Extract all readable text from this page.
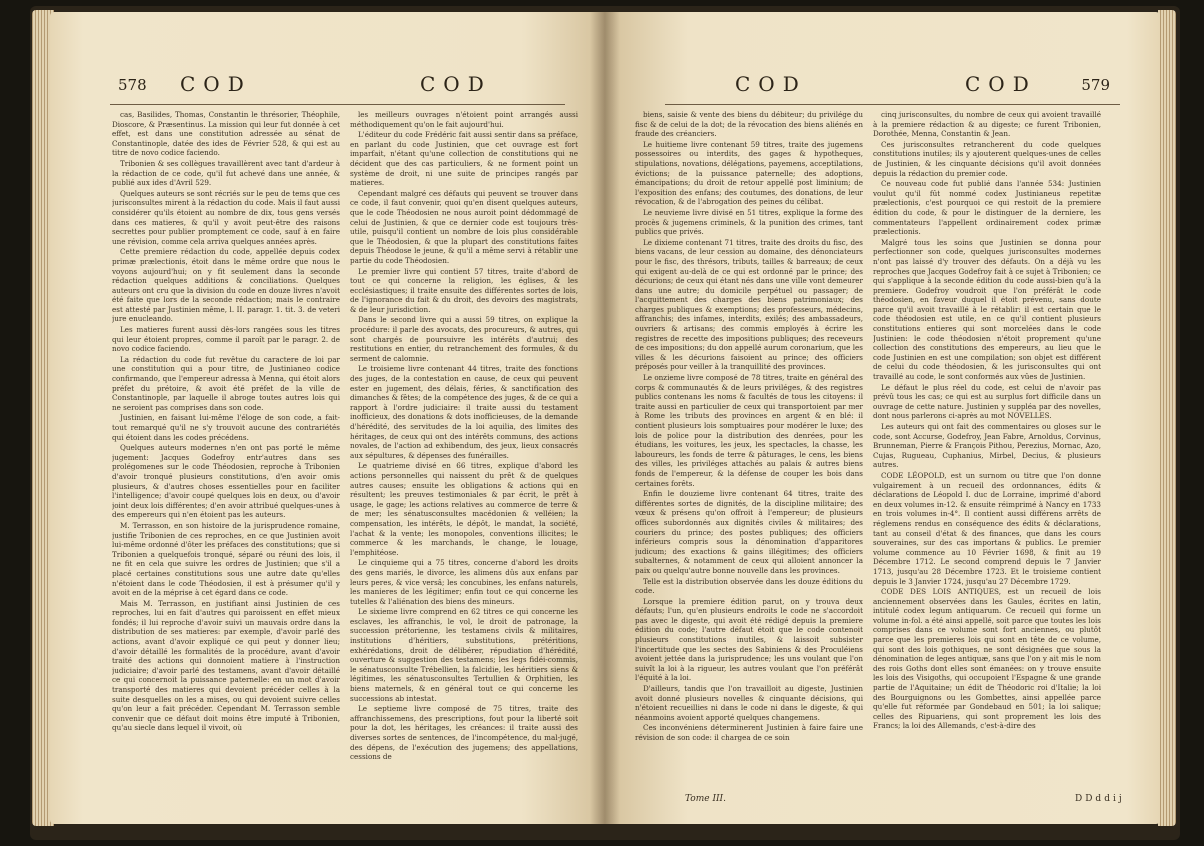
578 COD	COD

cas, Basilides, Thomas, Constantin le thrésorier, Théophile, Dioscore, & Præsentinus. La mission qui leur fut donnée à cet effet, est dans une constitution adressée au sénat de Constantinople, datée des ides de Février 528, & qui est au titre de novo codice faciendo.

Tribonien & ses collègues travaillèrent avec tant d'ardeur à la rédaction de ce code, qu'il fut achevé dans une année, & publié aux ides d'Avril 529.

Quelques auteurs se sont récriés sur le peu de tems que ces jurisconsultes mirent à la rédaction du code. Mais il faut aussi considérer qu'ils étoient au nombre de dix, tous gens versés dans ces matieres, & qu'il y avoit peut-être des raisons secrettes pour publier promptement ce code, sauf à en faire une révision, comme cela arriva quelques années après.

Cette premiere rédaction du code, appellée depuis codex primæ prælectionis, étoit dans le même ordre que nous le voyons aujourd'hui; on y fit seulement dans la seconde rédaction quelques additions & conciliations. Quelques auteurs ont cru que la division du code en douze livres n'avoit été faite que lors de la seconde rédaction; mais le contraire est attesté par Justinien même, l. II. paragr. 1. tit. 3. de veteri jure enucleando.

Les matieres furent aussi dès-lors rangées sous les titres qui leur étoient propres, comme il paroît par le paragr. 2. de novo codice faciendo.

La rédaction du code fut revêtue du caractere de loi par une constitution qui a pour titre, de Justinianeo codice confirmando, que l'empereur adressa à Menna, qui étoit alors préfet du prétoire, & avoit été préfet de la ville de Constantinople, par laquelle il abroge toutes autres lois qui ne seroient pas comprises dans son code.

Justinien, en faisant lui-même l'éloge de son code, a fait-tout remarqué qu'il ne s'y trouvoit aucune des contrariétés qui étoient dans les codes précédens.

Quelques auteurs modernes n'en ont pas porté le même jugement: Jacques Godefroy entr'autres dans ses prolégomenes sur le code Théodosien, reproche à Tribonien d'avoir tronqué plusieurs constitutions, d'en avoir omis plusieurs, & d'autres choses essentielles pour en faciliter l'intelligence; d'avoir coupé quelques lois en deux, ou d'avoir joint deux lois différentes; d'en avoir attribué quelques-unes à des empereurs qui n'en étoient pas les auteurs.

M. Terrasson, en son histoire de la jurisprudence romaine, justifie Tribonien de ces reproches, en ce que Justinien avoit lui-même ordonné d'ôter les préfaces des constitutions; que si Tribonien a quelquefois tronqué, séparé ou réuni des lois, il ne fit en cela que suivre les ordres de Justinien; que s'il a placé certaines constitutions sous une autre date qu'elles n'étoient dans le code Théodosien, il est à présumer qu'il y avoit en de la méprise à cet égard dans ce code.

Mais M. Terrasson, en justifiant ainsi Justinien de ces reproches, lui en fait d'autres qui paroissent en effet mieux fondés; il lui reproche d'avoir suivi un mauvais ordre dans la distribution de ses matieres: par exemple, d'avoir parlé des actions, avant d'avoir expliqué ce qui peut y donner lieu; d'avoir détaillé les formalités de la procédure, avant d'avoir traité des actions qui donnoient matiere à l'instruction judiciaire; d'avoir parlé des testamens, avant d'avoir détaillé ce qui concernoit la puissance paternelle: en un mot d'avoir transporté des matieres qui devoient précéder celles à la suite desquelles on les a mises, ou qui devoient suivre celles qu'on leur a fait précéder. Cependant M. Terrasson semble convenir que ce défaut doit moins être imputé à Tribonien, qu'au siecle dans lequel il vivoit, où

les meilleurs ouvrages n'étoient point arrangés aussi méthodiquement qu'on le fait aujourd'hui.

L'éditeur du code Frédéric fait aussi sentir dans sa préface, en parlant du code Justinien, que cet ouvrage est fort imparfait, n'étant qu'une collection de constitutions qui ne décident que des cas particuliers, & ne forment point un système de droit, ni une suite de principes rangés par matieres.

Cependant malgré ces défauts qui peuvent se trouver dans ce code, il faut convenir, quoi qu'en disent quelques auteurs, que le code Théodosien ne nous auroit point dédommagé de celui de Justinien, & que ce dernier code est toujours très-utile, puisqu'il contient un nombre de lois plus considérable que le Théodosien, & que la plupart des constitutions faites depuis Théodose le jeune, & qu'il a même servi à rétablir une partie du code Théodosien.

Le premier livre qui contient 57 titres, traite d'abord de tout ce qui concerne la religion, les églises, & les ecclésiastiques; il traite ensuite des différentes sortes de lois, de l'ignorance du fait & du droit, des devoirs des magistrats, & de leur jurisdiction.

Dans le second livre qui a aussi 59 titres, on explique la procédure: il parle des avocats, des procureurs, & autres, qui sont chargés de poursuivre les intérêts d'autrui; des restitutions en entier, du retranchement des formules, & du serment de calomnie.

Le troisieme livre contenant 44 titres, traite des fonctions des juges, de la contestation en cause, de ceux qui peuvent ester en jugement, des délais, féries, & sanctification des dimanches & fêtes; de la compétence des juges, & de ce qui a rapport à l'ordre judiciaire: il traite aussi du testament inofficieux, des donations & dots inofficieuses, de la demande d'hérédité, des servitudes de la loi aquilia, des limites des héritages, de ceux qui ont des intérêts communs, des actions novales, de l'action ad exhibendum, des jeux, lieux consacrés aux sépultures, & dépenses des funérailles.

Le quatrieme divisé en 66 titres, explique d'abord les actions personnelles qui naissent du prêt & de quelques autres causes; ensuite les obligations & actions qui en résultent; les preuves testimoniales & par écrit, le prêt à usage, le gage; les actions relatives au commerce de terre & de mer; les sénatusconsultes macédonien & velléien; la compensation, les intérêts, le dépôt, le mandat, la société, l'achat & la vente; les monopoles, conventions illicites; le commerce & les marchands, le change, le louage, l'emphitéose.

Le cinquieme qui a 75 titres, concerne d'abord les droits des gens mariés, le divorce, les alimens dûs aux enfans par leurs peres, & vice versâ; les concubines, les enfans naturels, les manieres de les légitimer; enfin tout ce qui concerne les tutelles & l'aliénation des biens des mineurs.

Le sixieme livre comprend en 62 titres ce qui concerne les esclaves, les affranchis, le vol, le droit de patronage, la succession prétorienne, les testamens civils & militaires, institutions d'héritiers, substitutions, prétéritions, exhérédations, droit de délibérer, répudiation d'hérédité, ouverture & suggestion des testamens; les legs fidéi-commis, le sénatusconsulte Trébellien, la falcidie, les héritiers siens & légitimes, les sénatusconsultes Tertullien & Orphitien, les biens maternels, & en général tout ce qui concerne les successions ab intestat.

Le septieme livre composé de 75 titres, traite des affranchissemens, des prescriptions, fout pour la liberté soit pour la dot, les héritages, les créances: il traite aussi des diverses sortes de sentences, de l'incompétence, du mal-jugé, des dépens, de l'exécution des jugemens; des appellations, cessions de

COD	COD	579

biens, saisie & vente des biens du débiteur; du privilége du fisc & de celui de la dot; de la révocation des biens aliénés en fraude des créanciers.

Le huitieme livre contenant 59 titres, traite des jugemens possessoires ou interdits, des gages & hypotheques, stipulations, novations, délégations, payemens, acceptilations, évictions; de la puissance paternelle; des adoptions, émancipations; du droit de retour appellé post liminium; de l'exposition des enfans; des coutumes, des donations, de leur révocation, & de l'abrogation des peines du célibat.

Le neuvieme livre divisé en 51 titres, explique la forme des procès & jugemens criminels, & la punition des crimes, tant publics que privés.

Le dixieme contenant 71 titres, traite des droits du fisc, des biens vacans, de leur cession au domaine, des dénonciateurs pour le fisc, des thrésors, tributs, tailles & barreaux; de ceux qui exigent au-delà de ce qui est ordonné par le prince; des décurions; de ceux qui étant nés dans une ville vont demeurer dans une autre; du domicile perpétuel ou passager; de l'acquittement des charges des biens patrimoniaux; des charges publiques & exemptions; des professeurs, médecins, affranchis; des infames, interdits, exilés; des ambassadeurs, ouvriers & artisans; des commis employés à écrire les registres de recette des impositions publiques; des receveurs de ces impositions; du don appellé aurum coronarium, que les villes & les décurions faisoient au prince; des officiers préposés pour veiller à la tranquillité des provinces.

Le onzieme livre composé de 78 titres, traite en général des corps & communautés & de leurs priviléges, & des registres publics contenans les noms & facultés de tous les citoyens: il traite aussi en particulier de ceux qui transportoient par mer à Rome les tributs des provinces en argent & en blé: il contient plusieurs lois somptuaires pour modérer le luxe; des lois de police pour la distribution des denrées, pour les étudians, les voitures, les jeux, les spectacles, la chasse, les laboureurs, les fonds de terre & pâturages, le cens, les biens des villes, les priviléges attachés au palais & autres biens fonds de l'empereur, & la défense de couper les bois dans certaines forêts.

Enfin le douzieme livre contenant 64 titres, traite des différentes sortes de dignités, de la discipline militaire; des vœux & présens qu'on offroit à l'empereur; de plusieurs offices subordonnés aux dignités civiles & militaires; des couriers du prince; des postes publiques; des officiers inférieurs compris sous la dénomination d'apparitores judicum; des exactions & gains illégitimes; des officiers subalternes, & notamment de ceux qui alloient annoncer la paix ou quelqu'autre bonne nouvelle dans les provinces.

Telle est la distribution observée dans les douze éditions du code.

Lorsque la premiere édition parut, on y trouva deux défauts; l'un, qu'en plusieurs endroits le code ne s'accordoit pas avec le digeste, qui avoit été rédigé depuis la premiere édition du code; l'autre défaut étoit que le code contenoit plusieurs constitutions inutiles, & laissoit subsister l'incertitude que les sectes des Sabiniens & des Proculéiens avoient jettée dans la jurisprudence; les uns voulant que l'on suivît la loi à la rigueur, les autres voulant que l'on préférât l'équité à la loi.

D'ailleurs, tandis que l'on travailloit au digeste, Justinien avoit donné plusieurs novelles & cinquante décisions, qui n'étoient recueillies ni dans le code ni dans le digeste, & qui néanmoins avoient apporté quelques changemens.

Ces inconvéniens déterminerent Justinien à faire faire une révision de son code: il chargea de ce soin

cinq jurisconsultes, du nombre de ceux qui avoient travaillé à la premiere rédaction & au digeste; ce furent Tribonien, Dorothée, Menna, Constantin & Jean.

Ces jurisconsultes retrancherent du code quelques constitutions inutiles; ils y ajouterent quelques-unes de celles de Justinien, & les cinquante décisions qu'il avoit données depuis la rédaction du premier code.

Ce nouveau code fut publié dans l'année 534: Justinien voulut qu'il fût nommé codex Justinianeus repetitæ prælectionis, c'est pourquoi ce qui restoit de la premiere édition du code, & pour le distinguer de la derniere, les commentateurs l'appellent ordinairement codex primæ prælectionis.

Malgré tous les soins que Justinien se donna pour perfectionner son code, quelques jurisconsultes modernes n'ont pas laissé d'y trouver des défauts. On a déjà vu les reproches que Jacques Godefroy fait à ce sujet à Tribonien; ce qui s'applique à la seconde édition du code aussi-bien qu'à la premiere. Godefroy voudroit que l'on préférât le code théodosien, en faveur duquel il étoit prévenu, sans doute parce qu'il avoit travaillé à le rétablir: il est certain que le code théodosien est utile, en ce qu'il contient plusieurs constitutions entieres qui sont morcelées dans le code Justinien: le code théodosien n'étoit proprement qu'une collection des constitutions des empereurs, au lieu que le code Justinien en est une compilation; son objet est différent de celui du code théodosien, & les jurisconsultes qui ont travaillé au code, le sont conformés aux vûes de Justinien.

Le défaut le plus réel du code, est celui de n'avoir pas prévû tous les cas; ce qui est au surplus fort difficile dans un ouvrage de cette nature. Justinien y suppléa par des novelles, dont nous parlerons ci-après au mot NOVELLES.

Les auteurs qui ont fait des commentaires ou gloses sur le code, sont Accurse, Godefroy, Jean Fabre, Arnoldus, Corvinus, Brunneman, Pierre & François Pithou, Perezius, Mornac, Azo, Cujas, Rugueau, Cuphanius, Mirbel, Decius, & plusieurs autres.

CODE LÉOPOLD, est un surnom ou titre que l'on donne vulgairement à un recueil des ordonnances, édits & déclarations de Léopold I. duc de Lorraine, imprimé d'abord en deux volumes in-12. & ensuite réimprimé à Nancy en 1733 en trois volumes in-4°. Il contient aussi différens arrêts de réglemens rendus en conséquence des édits & déclarations, tant au conseil d'état & des finances, que dans les cours souveraines, sur des cas importans & publics. Le premier volume commence au 10 Février 1698, & finit au 19 Décembre 1712. Le second comprend depuis le 7 Janvier 1713, jusqu'au 28 Décembre 1723. Et le troisieme contient depuis le 3 Janvier 1724, jusqu'au 27 Décembre 1729.

CODE DES LOIS ANTIQUES, est un recueil de lois anciennement observées dans les Gaules, écrites en latin, intitulé codex legum antiquarum. Ce recueil qui forme un volume in-fol. a été ainsi appellé, soit parce que toutes les lois comprises dans ce volume sont fort anciennes, ou plutôt parce que les premieres lois qui sont en tête de ce volume, qui sont des lois gothiques, ne sont désignées que sous la dénomination de leges antiquæ, sans que l'on y ait mis le nom des rois Goths dont elles sont émanées: on y trouve ensuite les lois des Visigoths, qui occupoient l'Espagne & une grande partie de l'Aquitaine; un édit de Théodoric roi d'Italie; la loi des Bourguignons ou les Gombettes, ainsi appellée parce qu'elle fut réformée par Gondebaud en 501; la loi salique; celles des Ripuariens, qui sont proprement les lois des Francs; la loi des Allemands, c'est-à-dire des

Tome III.	DDddij
